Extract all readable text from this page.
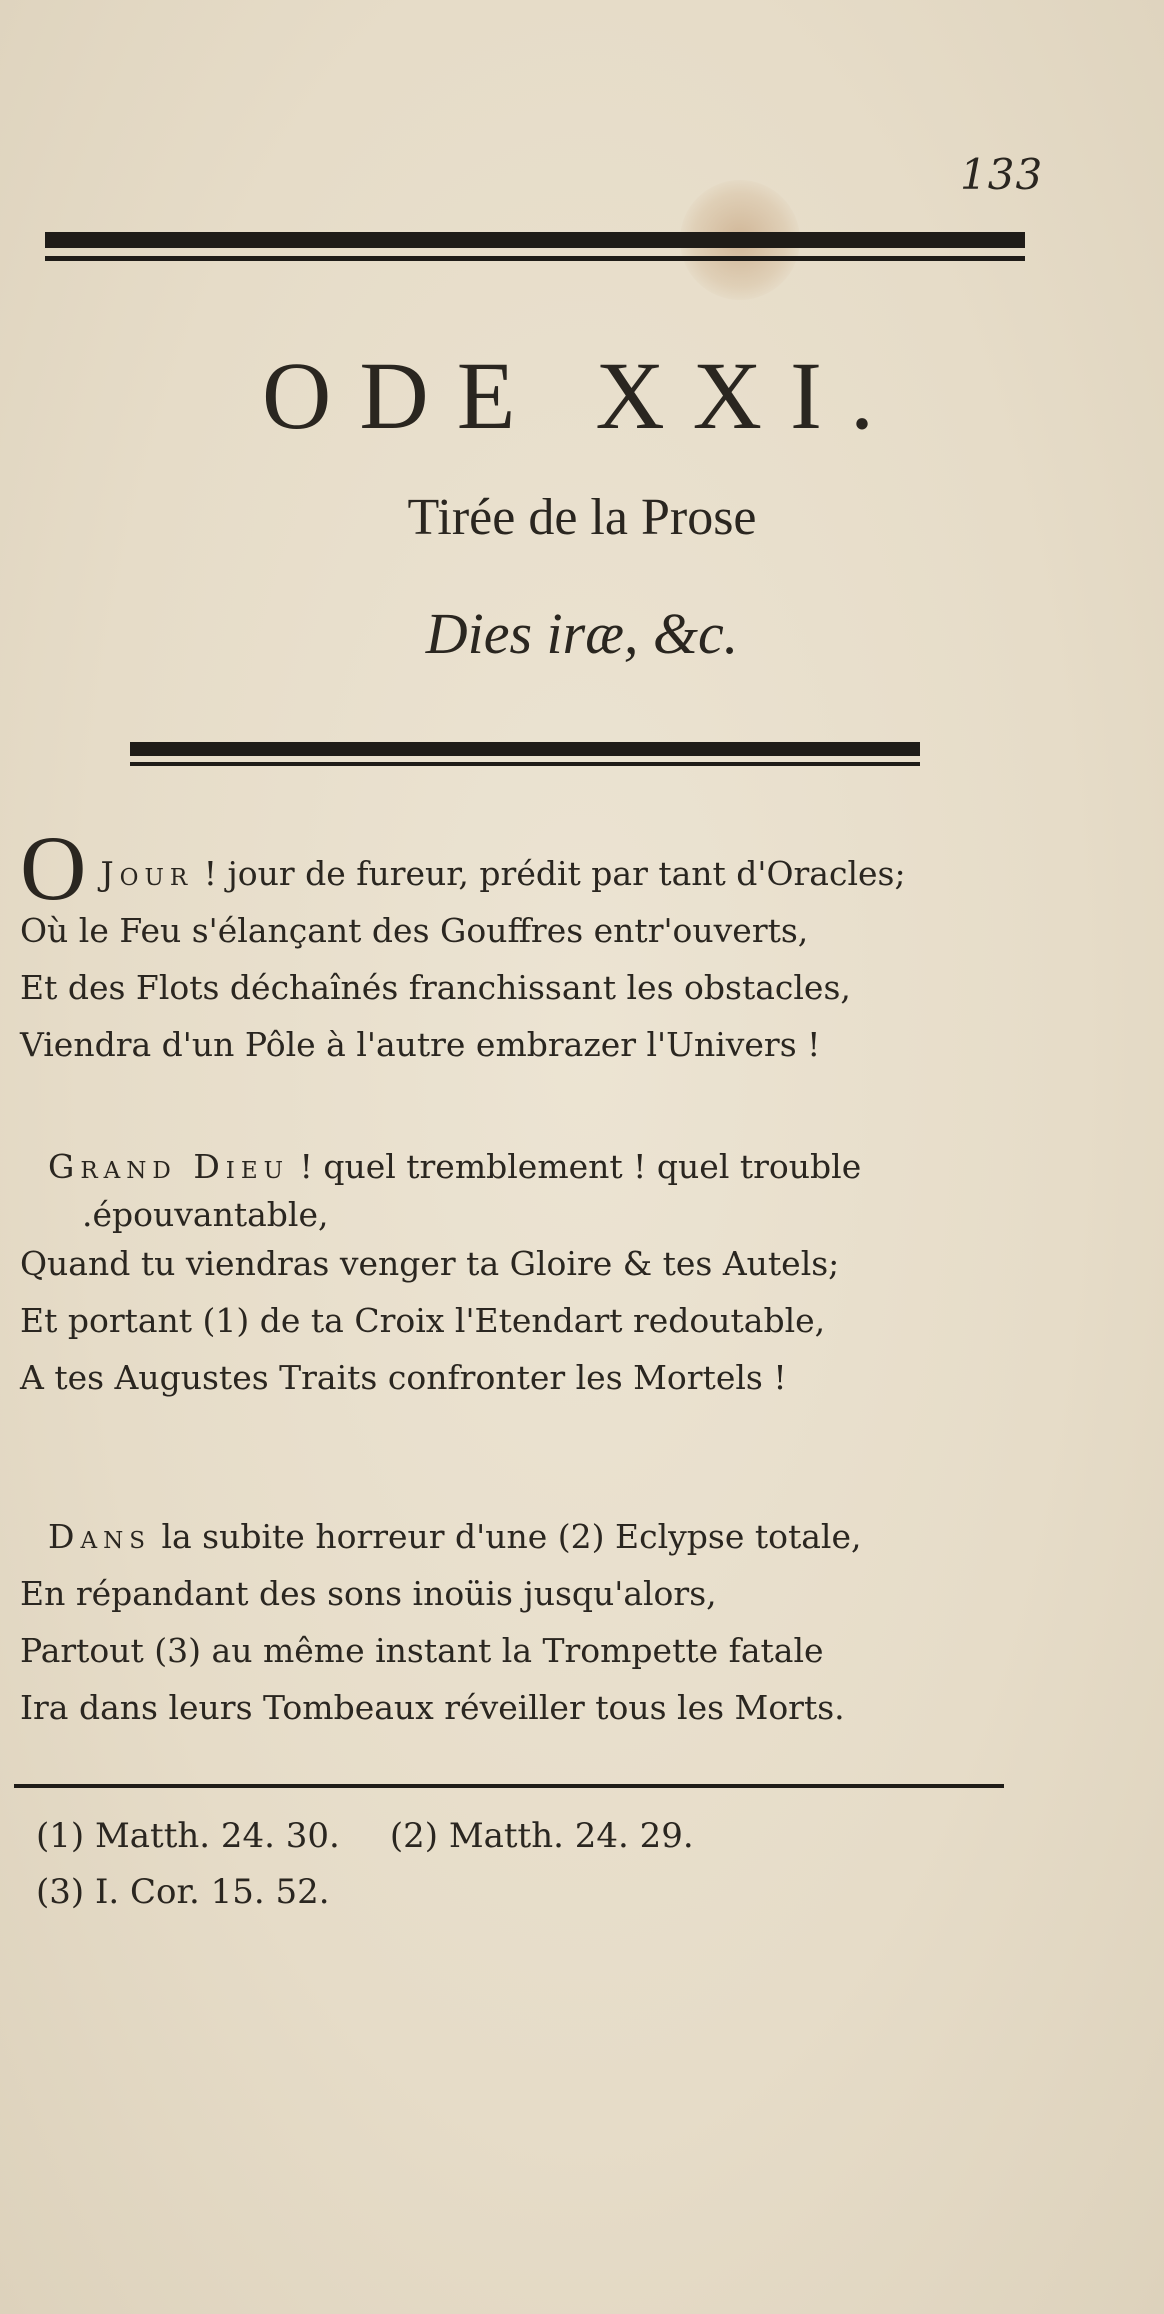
133
ODE XXI.
Tirée de la Prose
Dies iræ, &c.
O Jour ! jour de fureur, prédit par tant d'Oracles;
Où le Feu s'élançant des Gouffres entr'ouverts,
Et des Flots déchaînés franchissant les obstacles,
Viendra d'un Pôle à l'autre embrazer l'Univers !
Grand Dieu ! quel tremblement ! quel trouble
.épouvantable,
Quand tu viendras venger ta Gloire & tes Autels;
Et portant (1) de ta Croix l'Etendart redoutable,
A tes Augustes Traits confronter les Mortels !
Dans la subite horreur d'une (2) Eclypse totale,
En répandant des sons inoüis jusqu'alors,
Partout (3) au même instant la Trompette fatale
Ira dans leurs Tombeaux réveiller tous les Morts.
(1) Matth. 24. 30. (2) Matth. 24. 29.
(3) I. Cor. 15. 52.
